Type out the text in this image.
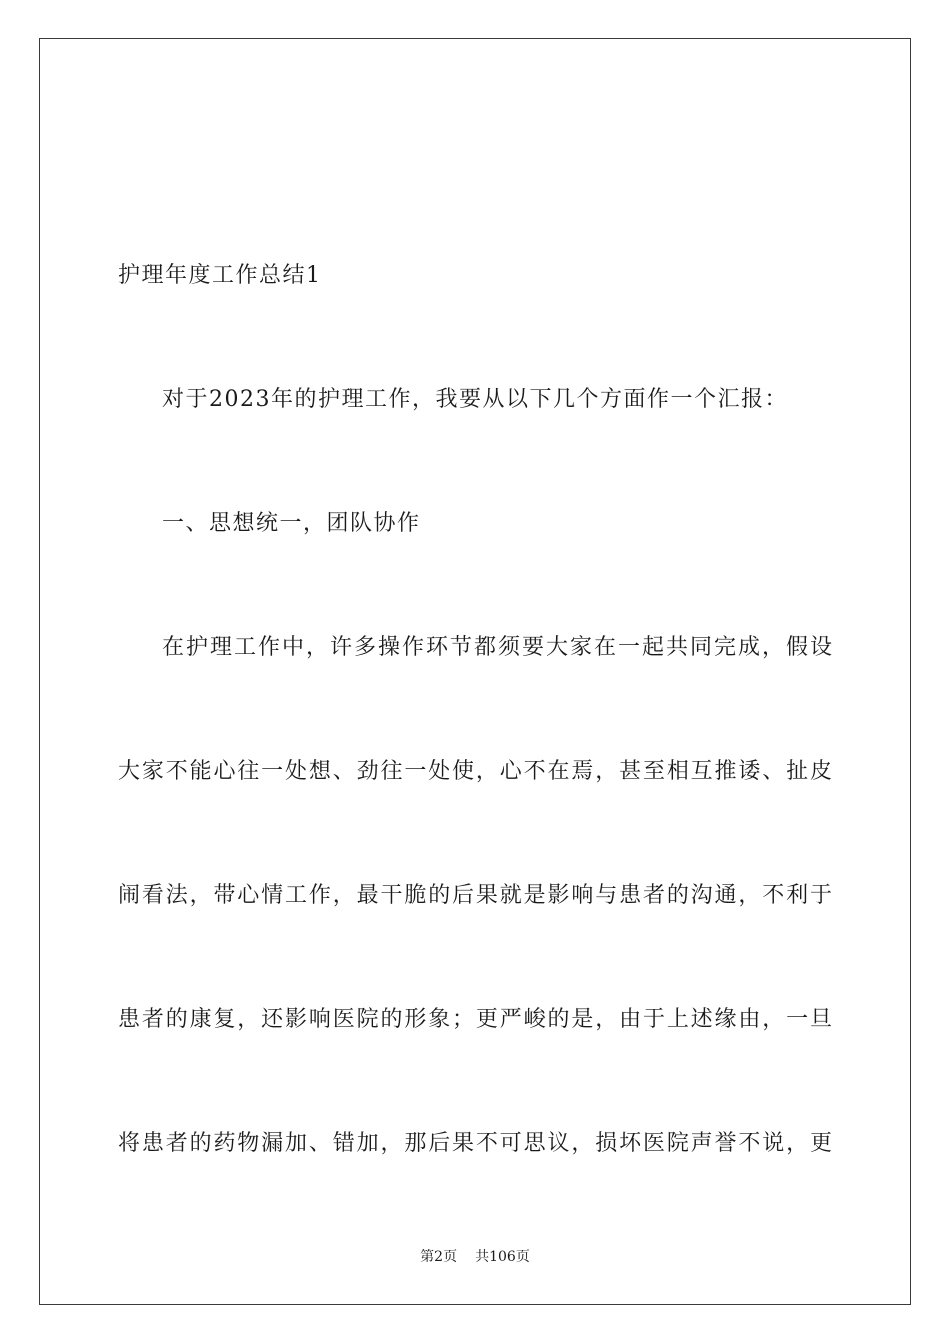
护理年度工作总结1
对于2023年的护理工作，我要从以下几个方面作一个汇报：
一、思想统一，团队协作
在护理工作中，许多操作环节都须要大家在一起共同完成，假设
大家不能心往一处想、劲往一处使，心不在焉，甚至相互推诿、扯皮
闹看法，带心情工作，最干脆的后果就是影响与患者的沟通，不利于
患者的康复，还影响医院的形象；更严峻的是，由于上述缘由，一旦
将患者的药物漏加、错加，那后果不可思议，损坏医院声誉不说，更
第2页 共106页
